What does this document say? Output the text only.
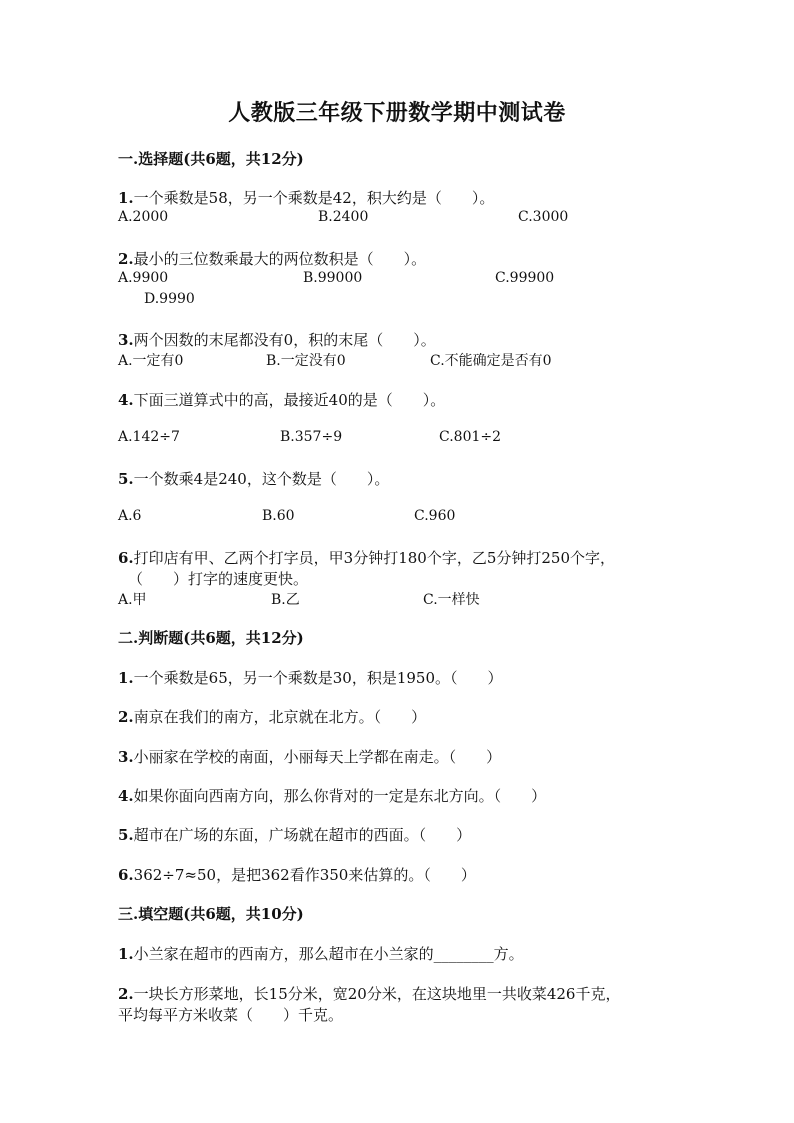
人教版三年级下册数学期中测试卷
一.选择题(共6题，共12分)
1.一个乘数是58，另一个乘数是42，积大约是（　　）。
A.2000	B.2400	C.3000
2.最小的三位数乘最大的两位数积是（　　）。
A.9900	B.99000	C.99900
D.9990
3.两个因数的末尾都没有0，积的末尾（　　）。
A.一定有0	B.一定没有0	C.不能确定是否有0
4.下面三道算式中的高，最接近40的是（　　）。
A.142÷7	B.357÷9	C.801÷2
5.一个数乘4是240，这个数是（　　）。
A.6	B.60	C.960
6.打印店有甲、乙两个打字员，甲3分钟打180个字，乙5分钟打250个字，
（　　）打字的速度更快。
A.甲	B.乙	C.一样快
二.判断题(共6题，共12分)
1.一个乘数是65，另一个乘数是30，积是1950。（　　）
2.南京在我们的南方，北京就在北方。（　　）
3.小丽家在学校的南面，小丽每天上学都在南走。（　　）
4.如果你面向西南方向，那么你背对的一定是东北方向。（　　）
5.超市在广场的东面，广场就在超市的西面。（　　）
6.362÷7≈50，是把362看作350来估算的。（　　）
三.填空题(共6题，共10分)
1.小兰家在超市的西南方，那么超市在小兰家的________方。
2.一块长方形菜地，长15分米，宽20分米，在这块地里一共收菜426千克，
平均每平方米收菜（　　）千克。
